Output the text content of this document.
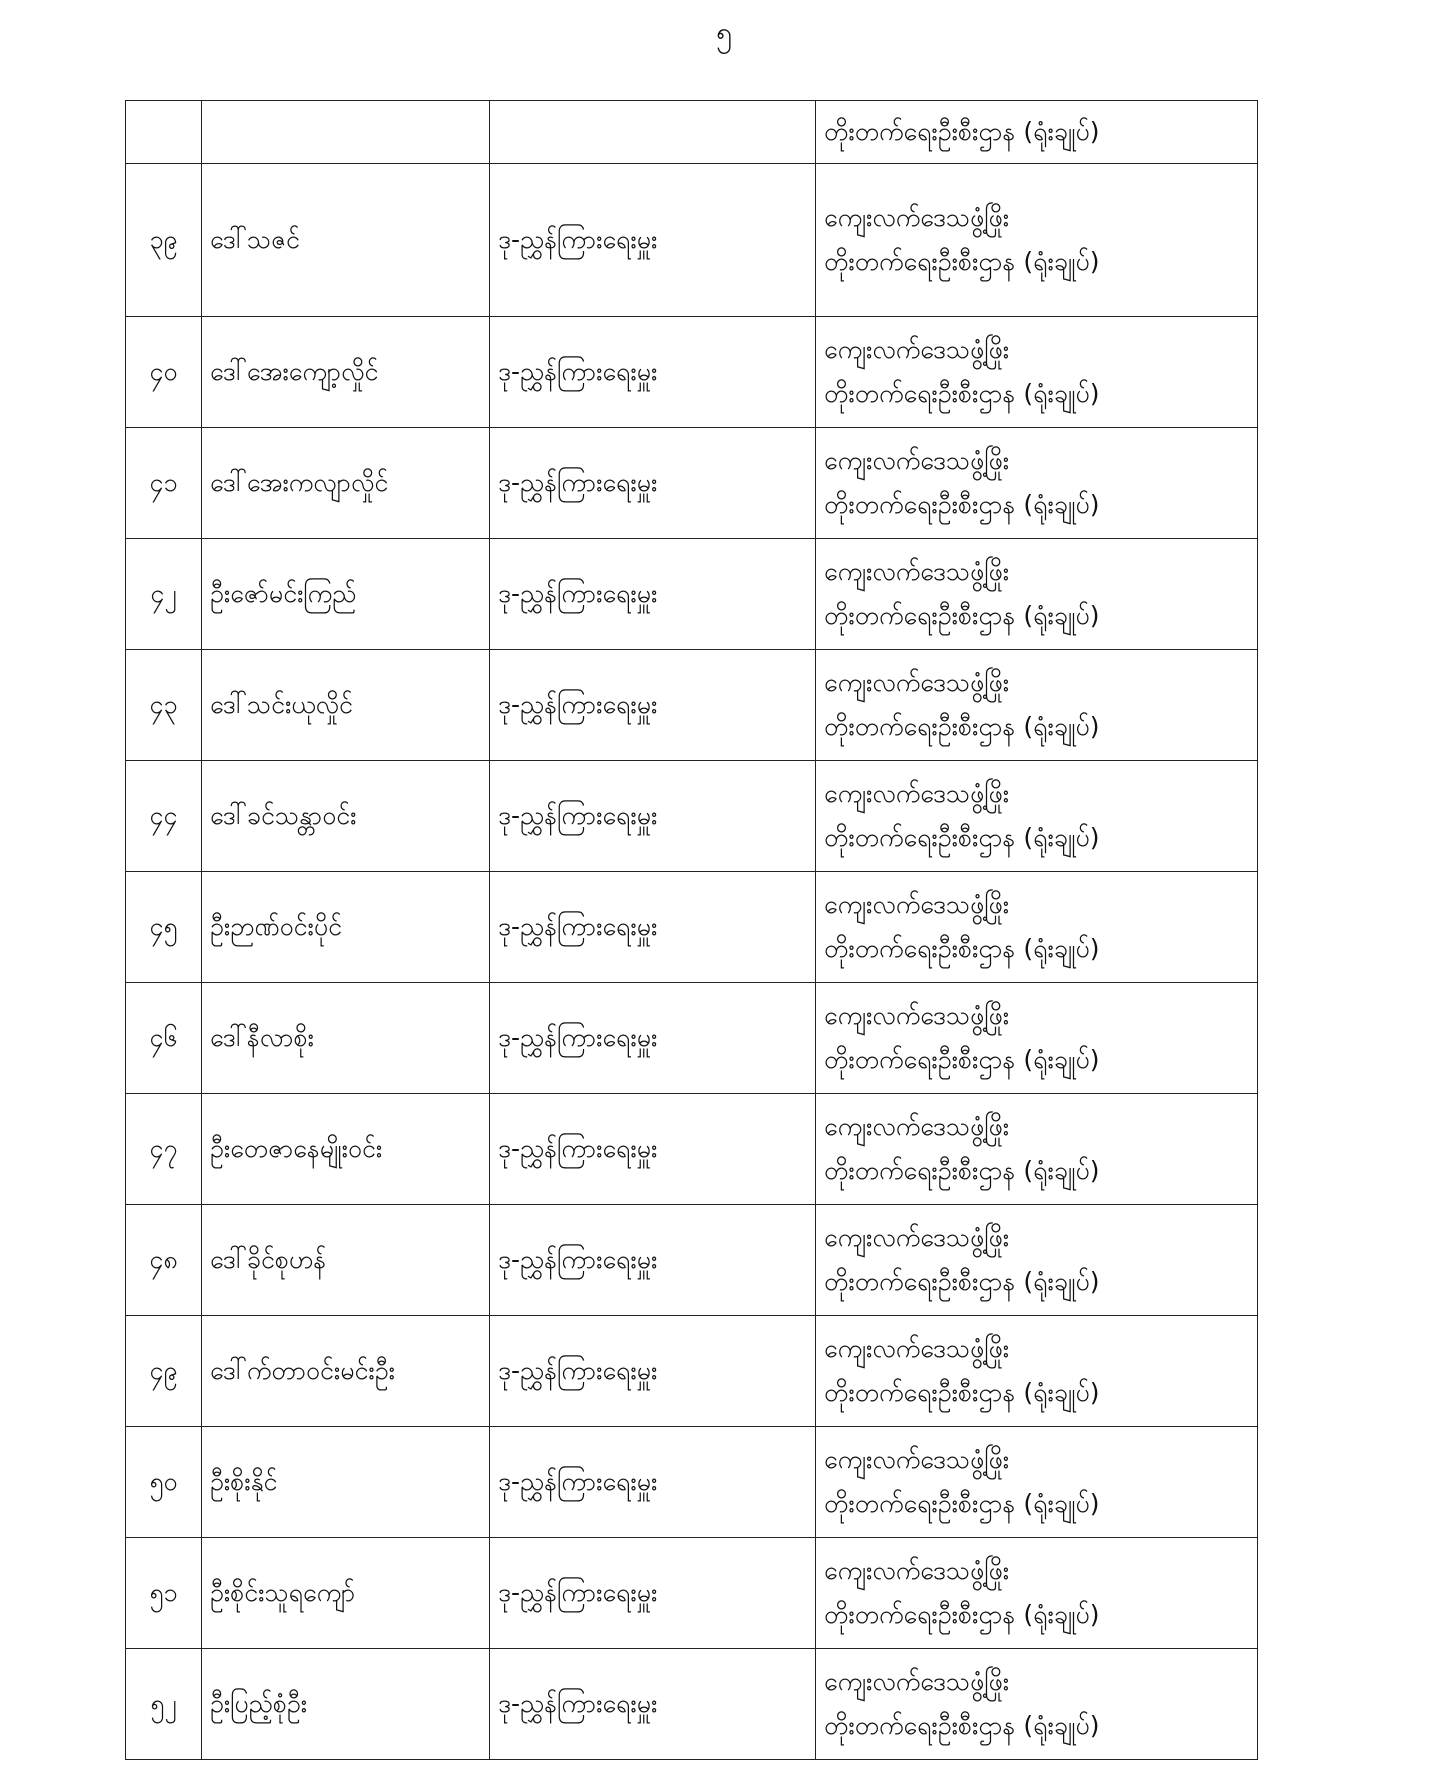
၅

			တိုးတက်ရေးဦးစီးဌာန (ရုံးချုပ်)

၃၉	ဒေါ်သဇင်	ဒု-ညွှန်ကြားရေးမှူး	ကျေးလက်ဒေသဖွံ့ဖြိုး
တိုးတက်ရေးဦးစီးဌာန (ရုံးချုပ်)

၄၀	ဒေါ်အေးကျော့လှိုင်	ဒု-ညွှန်ကြားရေးမှူး	ကျေးလက်ဒေသဖွံ့ဖြိုး
တိုးတက်ရေးဦးစီးဌာန (ရုံးချုပ်)

၄၁	ဒေါ်အေးကလျာလှိုင်	ဒု-ညွှန်ကြားရေးမှူး	ကျေးလက်ဒေသဖွံ့ဖြိုး
တိုးတက်ရေးဦးစီးဌာန (ရုံးချုပ်)

၄၂	ဦးဇော်မင်းကြည်	ဒု-ညွှန်ကြားရေးမှူး	ကျေးလက်ဒေသဖွံ့ဖြိုး
တိုးတက်ရေးဦးစီးဌာန (ရုံးချုပ်)

၄၃	ဒေါ်သင်းယုလှိုင်	ဒု-ညွှန်ကြားရေးမှူး	ကျေးလက်ဒေသဖွံ့ဖြိုး
တိုးတက်ရေးဦးစီးဌာန (ရုံးချုပ်)

၄၄	ဒေါ်ခင်သန္တာဝင်း	ဒု-ညွှန်ကြားရေးမှူး	ကျေးလက်ဒေသဖွံ့ဖြိုး
တိုးတက်ရေးဦးစီးဌာန (ရုံးချုပ်)

၄၅	ဦးဉာဏ်ဝင်းပိုင်	ဒု-ညွှန်ကြားရေးမှူး	ကျေးလက်ဒေသဖွံ့ဖြိုး
တိုးတက်ရေးဦးစီးဌာန (ရုံးချုပ်)

၄၆	ဒေါ်နီလာစိုး	ဒု-ညွှန်ကြားရေးမှူး	ကျေးလက်ဒေသဖွံ့ဖြိုး
တိုးတက်ရေးဦးစီးဌာန (ရုံးချုပ်)

၄၇	ဦးတေဇာနေမျိုးဝင်း	ဒု-ညွှန်ကြားရေးမှူး	ကျေးလက်ဒေသဖွံ့ဖြိုး
တိုးတက်ရေးဦးစီးဌာန (ရုံးချုပ်)

၄၈	ဒေါ်ခိုင်စုဟန်	ဒု-ညွှန်ကြားရေးမှူး	ကျေးလက်ဒေသဖွံ့ဖြိုး
တိုးတက်ရေးဦးစီးဌာန (ရုံးချုပ်)

၄၉	ဒေါ်က်တာဝင်းမင်းဦး	ဒု-ညွှန်ကြားရေးမှူး	ကျေးလက်ဒေသဖွံ့ဖြိုး
တိုးတက်ရေးဦးစီးဌာန (ရုံးချုပ်)

၅၀	ဦးစိုးနိုင်	ဒု-ညွှန်ကြားရေးမှူး	ကျေးလက်ဒေသဖွံ့ဖြိုး
တိုးတက်ရေးဦးစီးဌာန (ရုံးချုပ်)

၅၁	ဦးစိုင်းသူရကျော်	ဒု-ညွှန်ကြားရေးမှူး	ကျေးလက်ဒေသဖွံ့ဖြိုး
တိုးတက်ရေးဦးစီးဌာန (ရုံးချုပ်)

၅၂	ဦးပြည့်စုံဦး	ဒု-ညွှန်ကြားရေးမှူး	ကျေးလက်ဒေသဖွံ့ဖြိုး
တိုးတက်ရေးဦးစီးဌာန (ရုံးချုပ်)
